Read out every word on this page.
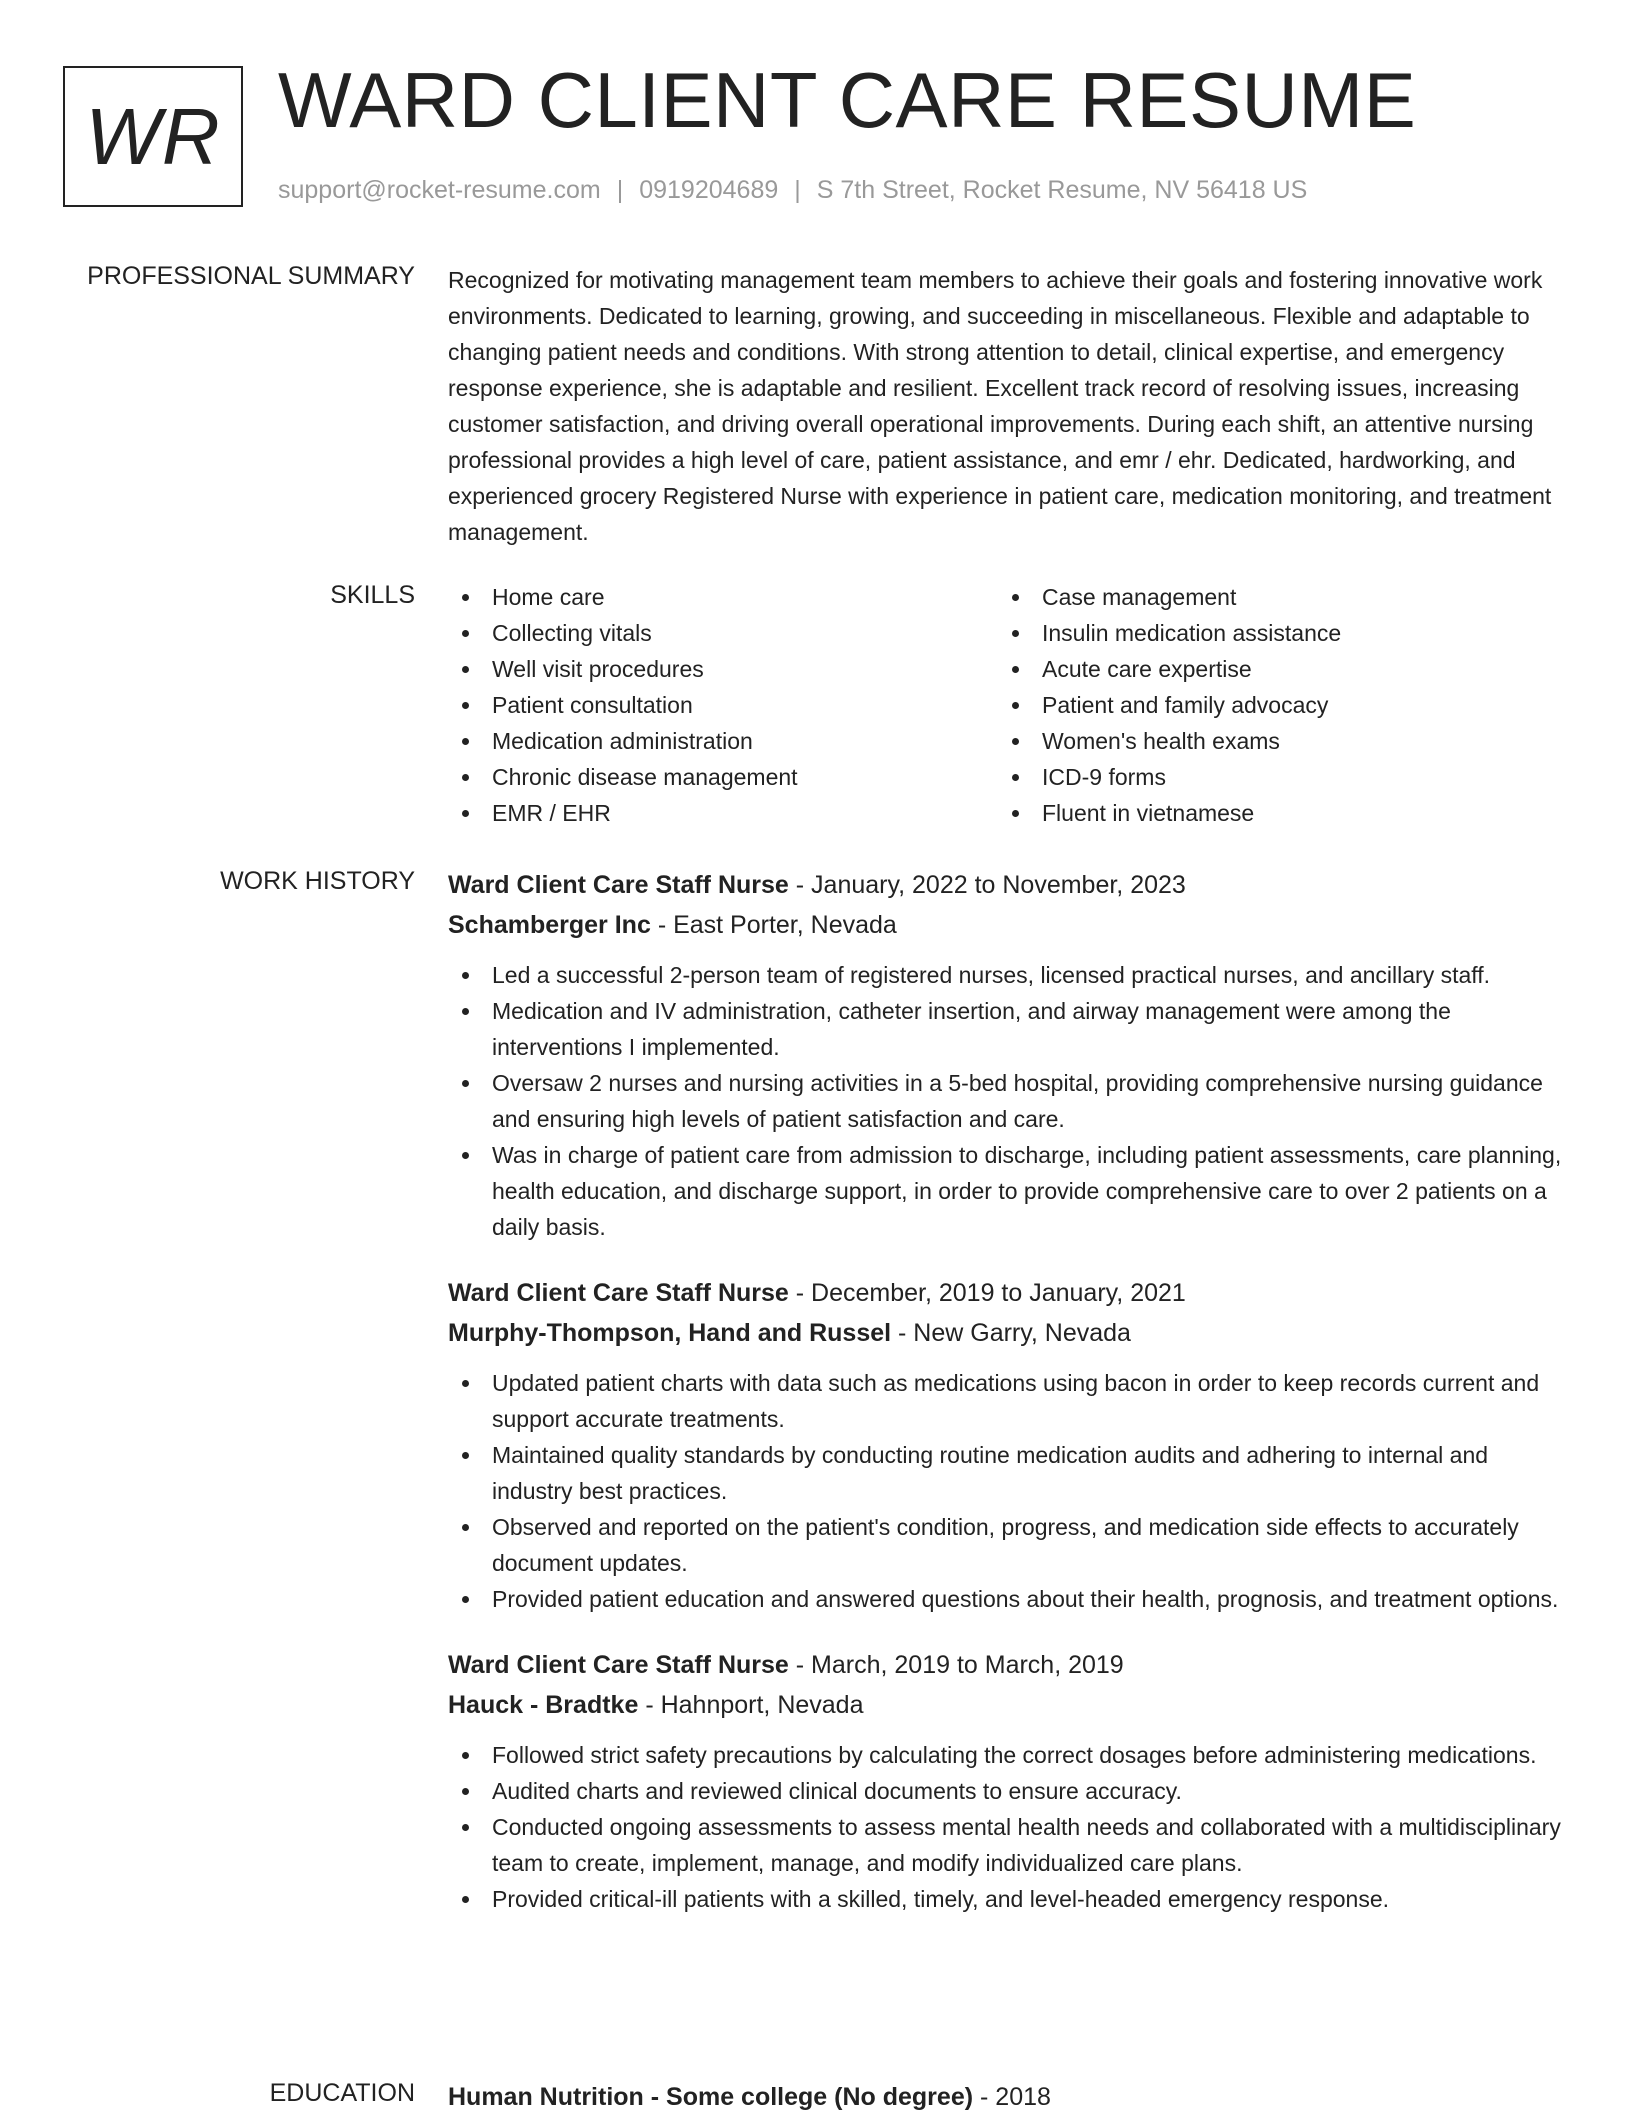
WR WARD CLIENT CARE RESUME
support@rocket-resume.com | 0919204689 | S 7th Street, Rocket Resume, NV 56418 US
PROFESSIONAL SUMMARY Recognized for motivating management team members to achieve their goals and fostering innovative work environments. Dedicated to learning, growing, and succeeding in miscellaneous. Flexible and adaptable to changing patient needs and conditions. With strong attention to detail, clinical expertise, and emergency response experience, she is adaptable and resilient. Excellent track record of resolving issues, increasing customer satisfaction, and driving overall operational improvements. During each shift, an attentive nursing professional provides a high level of care, patient assistance, and emr / ehr. Dedicated, hardworking, and experienced grocery Registered Nurse with experience in patient care, medication monitoring, and treatment management.

SKILLS	Home care
Collecting vitals
Well visit procedures
Patient consultation
Medication administration
Chronic disease management
EMR / EHR
Case management
Insulin medication assistance
Acute care expertise
Patient and family advocacy
Women's health exams
ICD-9 forms
Fluent in vietnamese
WORK HISTORY Ward Client Care Staff Nurse - January, 2022 to November, 2023
Schamberger Inc - East Porter, Nevada
Led a successful 2-person team of registered nurses, licensed practical nurses, and ancillary staff.
Medication and IV administration, catheter insertion, and airway management were among the interventions I implemented.
Oversaw 2 nurses and nursing activities in a 5-bed hospital, providing comprehensive nursing guidance and ensuring high levels of patient satisfaction and care.
Was in charge of patient care from admission to discharge, including patient assessments, care planning, health education, and discharge support, in order to provide comprehensive care to over 2 patients on a daily basis.
Ward Client Care Staff Nurse - December, 2019 to January, 2021
Murphy-Thompson, Hand and Russel - New Garry, Nevada
Updated patient charts with data such as medications using bacon in order to keep records current and support accurate treatments.
Maintained quality standards by conducting routine medication audits and adhering to internal and industry best practices.
Observed and reported on the patient's condition, progress, and medication side effects to accurately document updates.
Provided patient education and answered questions about their health, prognosis, and treatment options.
Ward Client Care Staff Nurse - March, 2019 to March, 2019
Hauck - Bradtke - Hahnport, Nevada
Followed strict safety precautions by calculating the correct dosages before administering medications.
Audited charts and reviewed clinical documents to ensure accuracy.
Conducted ongoing assessments to assess mental health needs and collaborated with a multidisciplinary team to create, implement, manage, and modify individualized care plans.
Provided critical-ill patients with a skilled, timely, and level-headed emergency response.
EDUCATION Human Nutrition - Some college (No degree) - 2018
